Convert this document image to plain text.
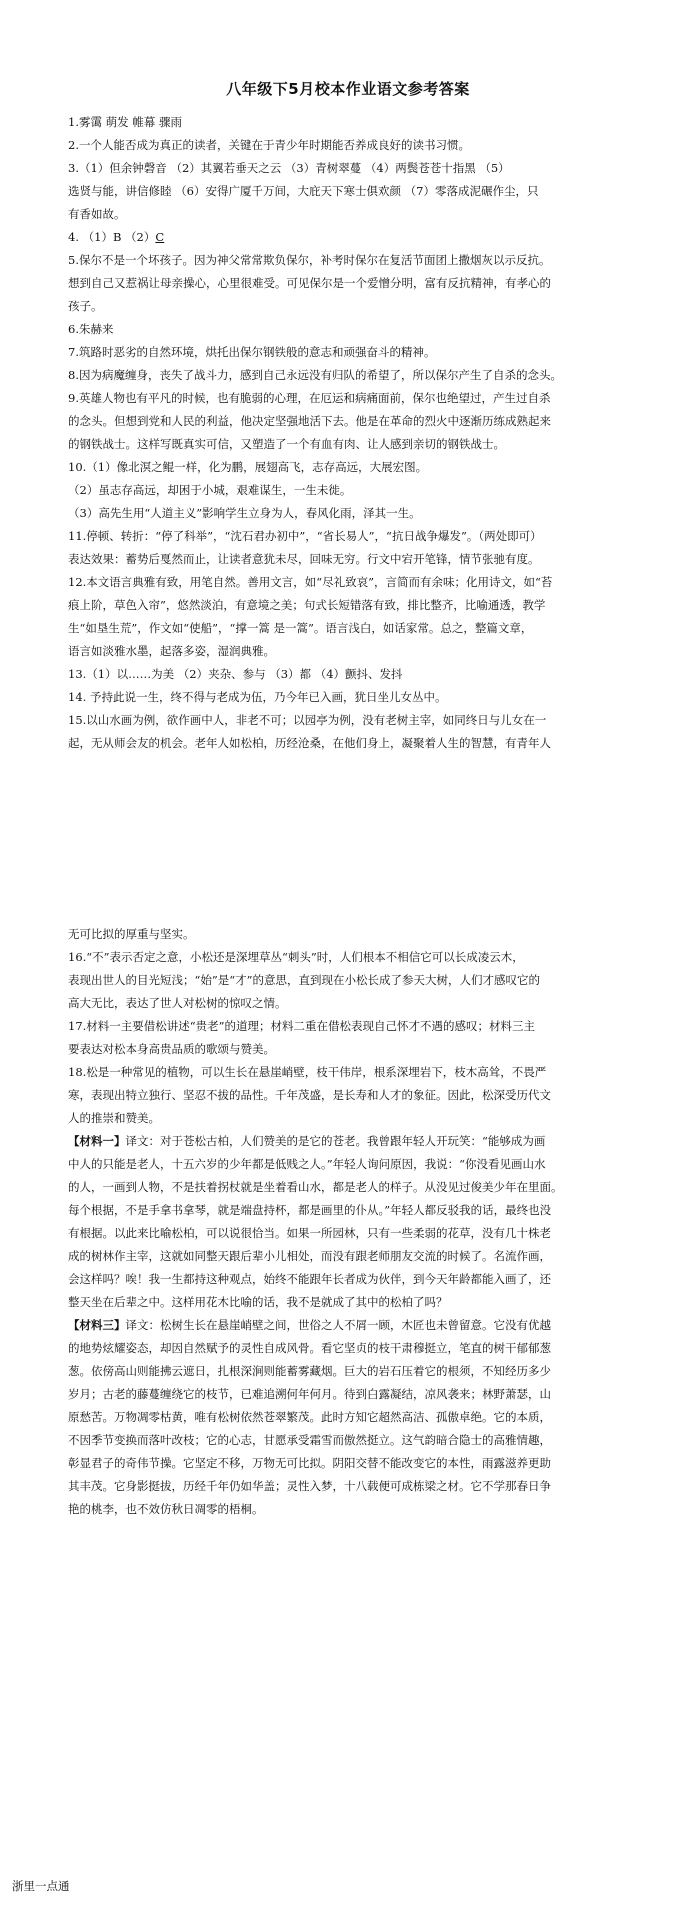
八年级下5月校本作业语文参考答案

1.雾霭 萌发 帷幕 骤雨

2.一个人能否成为真正的读者，关键在于青少年时期能否养成良好的读书习惯。

3.（1）但余钟磬音 （2）其翼若垂天之云 （3）青树翠蔓 （4）两鬓苍苍十指黑 （5）

选贤与能，讲信修睦 （6）安得广厦千万间，大庇天下寒士俱欢颜 （7）零落成泥碾作尘，只

有香如故。

4. （1）B （2）C

5.保尔不是一个坏孩子。因为神父常常欺负保尔，补考时保尔在复活节面团上撒烟灰以示反抗。

想到自己又惹祸让母亲操心，心里很难受。可见保尔是一个爱憎分明，富有反抗精神，有孝心的

孩子。

6.朱赫来

7.筑路时恶劣的自然环境，烘托出保尔钢铁般的意志和顽强奋斗的精神。

8.因为病魔缠身，丧失了战斗力，感到自己永远没有归队的希望了，所以保尔产生了自杀的念头。

9.英雄人物也有平凡的时候，也有脆弱的心理，在厄运和病痛面前，保尔也绝望过，产生过自杀

的念头。但想到党和人民的利益，他决定坚强地活下去。他是在革命的烈火中逐渐历练成熟起来

的钢铁战士。这样写既真实可信，又塑造了一个有血有肉、让人感到亲切的钢铁战士。

10.（1）像北溟之鲲一样，化为鹏，展翅高飞，志存高远，大展宏图。

（2）虽志存高远，却困于小城，艰难谋生，一生未徙。

（3）高先生用“人道主义”影响学生立身为人，春风化雨，泽其一生。

11.停顿、转折：“停了科举”，“沈石君办初中”，“省长易人”，“抗日战争爆发”。（两处即可）

表达效果：蓄势后戛然而止，让读者意犹未尽，回味无穷。行文中宕开笔锋，情节张驰有度。

12.本文语言典雅有致，用笔自然。善用文言，如“尽礼致哀”，言简而有余味；化用诗文，如“苔

痕上阶，草色入帘”，悠然淡泊，有意境之美；句式长短错落有致，排比整齐，比喻通透，教学

生“如垦生荒”，作文如“使船”，“撑一篙 是一篙”。语言浅白，如话家常。总之，整篇文章，

语言如淡雅水墨，起落多姿，湿润典雅。

13.（1）以……为美 （2）夹杂、参与 （3）都 （4）颤抖、发抖

14. 予持此说一生，终不得与老成为伍，乃今年已入画，犹日坐儿女丛中。

15.以山水画为例，欲作画中人，非老不可；以园亭为例，没有老树主宰，如同终日与儿女在一

起，无从师会友的机会。老年人如松柏，历经沧桑，在他们身上，凝聚着人生的智慧，有青年人

无可比拟的厚重与坚实。

16.“不”表示否定之意，小松还是深埋草丛“刺头”时，人们根本不相信它可以长成凌云木，

表现出世人的目光短浅；“始”是“才”的意思，直到现在小松长成了参天大树，人们才感叹它的

高大无比，表达了世人对松树的惊叹之情。

17.材料一主要借松讲述“贵老”的道理；材料二重在借松表现自己怀才不遇的感叹；材料三主

要表达对松本身高贵品质的歌颂与赞美。

18.松是一种常见的植物，可以生长在悬崖峭壁，枝干伟岸，根系深埋岩下，枝木高耸，不畏严

寒，表现出特立独行、坚忍不拔的品性。千年茂盛，是长寿和人才的象征。因此，松深受历代文

人的推崇和赞美。

【材料一】译文：对于苍松古柏，人们赞美的是它的苍老。我曾跟年轻人开玩笑：“能够成为画

中人的只能是老人，十五六岁的少年都是低贱之人。”年轻人询问原因，我说：“你没看见画山水

的人，一画到人物，不是扶着拐杖就是坐着看山水，都是老人的样子。从没见过俊美少年在里面。

每个根据，不是手拿书拿琴，就是端盘持杯，都是画里的仆从。”年轻人都反驳我的话，最终也没

有根据。以此来比喻松柏，可以说很恰当。如果一所园林，只有一些柔弱的花草，没有几十株老

成的树林作主宰，这就如同整天跟后辈小儿相处，而没有跟老师朋友交流的时候了。名流作画，

会这样吗？唉！我一生都持这种观点，始终不能跟年长者成为伙伴，到今天年龄都能入画了，还

整天坐在后辈之中。这样用花木比喻的话，我不是就成了其中的松柏了吗？

【材料三】译文：松树生长在悬崖峭壁之间，世俗之人不屑一顾，木匠也未曾留意。它没有优越

的地势炫耀姿态，却因自然赋予的灵性自成风骨。看它坚贞的枝干肃穆挺立，笔直的树干郁郁葱

葱。依傍高山则能拂云遮日，扎根深涧则能蓄雾藏烟。巨大的岩石压着它的根须，不知经历多少

岁月；古老的藤蔓缠绕它的枝节，已难追溯何年何月。待到白露凝结，凉风袭来；林野萧瑟，山

原愁苦。万物凋零枯黄，唯有松树依然苍翠繁茂。此时方知它超然高洁、孤傲卓绝。它的本质，

不因季节变换而落叶改枝；它的心志，甘愿承受霜雪而傲然挺立。这气韵暗合隐士的高雅情趣，

彰显君子的奇伟节操。它坚定不移，万物无可比拟。阴阳交替不能改变它的本性，雨露滋养更助

其丰茂。它身影挺拔，历经千年仍如华盖；灵性入梦，十八载便可成栋梁之材。它不学那春日争

艳的桃李，也不效仿秋日凋零的梧桐。

浙里一点通
